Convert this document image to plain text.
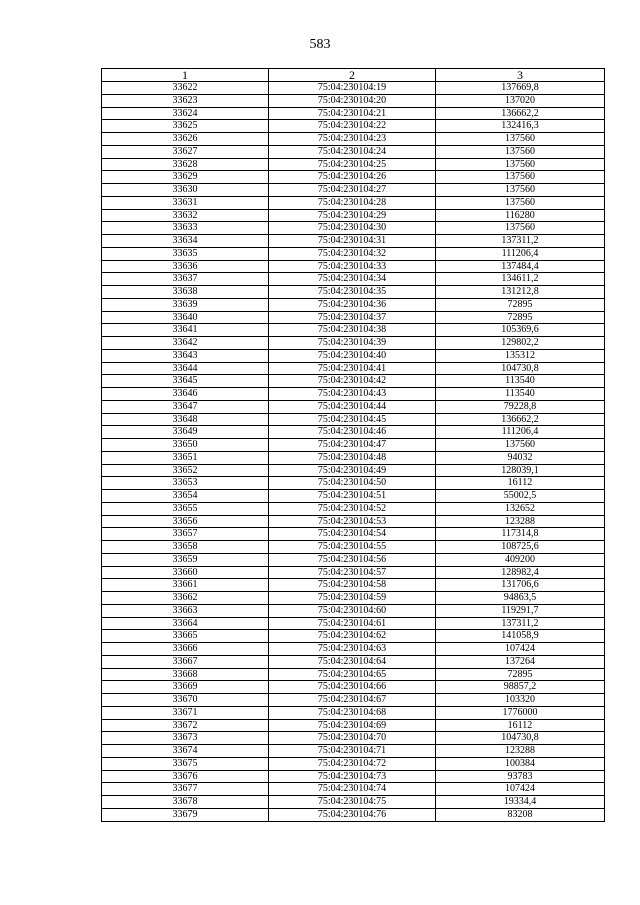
583
1	2	3
33622	75:04:230104:19	137669,8
33623	75:04:230104:20	137020
33624	75:04:230104:21	136662,2
33625	75:04:230104:22	132416,3
33626	75:04:230104:23	137560
33627	75:04:230104:24	137560
33628	75:04:230104:25	137560
33629	75:04:230104:26	137560
33630	75:04:230104:27	137560
33631	75:04:230104:28	137560
33632	75:04:230104:29	116280
33633	75:04:230104:30	137560
33634	75:04:230104:31	137311,2
33635	75:04:230104:32	111206,4
33636	75:04:230104:33	137484,4
33637	75:04:230104:34	134611,2
33638	75:04:230104:35	131212,8
33639	75:04:230104:36	72895
33640	75:04:230104:37	72895
33641	75:04:230104:38	105369,6
33642	75:04:230104:39	129802,2
33643	75:04:230104:40	135312
33644	75:04:230104:41	104730,8
33645	75:04:230104:42	113540
33646	75:04:230104:43	113540
33647	75:04:230104:44	79228,8
33648	75:04:230104:45	136662,2
33649	75:04:230104:46	111206,4
33650	75:04:230104:47	137560
33651	75:04:230104:48	94032
33652	75:04:230104:49	128039,1
33653	75:04:230104:50	16112
33654	75:04:230104:51	55002,5
33655	75:04:230104:52	132652
33656	75:04:230104:53	123288
33657	75:04:230104:54	117314,8
33658	75:04:230104:55	108725,6
33659	75:04:230104:56	409200
33660	75:04:230104:57	128982,4
33661	75:04:230104:58	131706,6
33662	75:04:230104:59	94863,5
33663	75:04:230104:60	119291,7
33664	75:04:230104:61	137311,2
33665	75:04:230104:62	141058,9
33666	75:04:230104:63	107424
33667	75:04:230104:64	137264
33668	75:04:230104:65	72895
33669	75:04:230104:66	98857,2
33670	75:04:230104:67	103320
33671	75:04:230104:68	1776000
33672	75:04:230104:69	16112
33673	75:04:230104:70	104730,8
33674	75:04:230104:71	123288
33675	75:04:230104:72	100384
33676	75:04:230104:73	93783
33677	75:04:230104:74	107424
33678	75:04:230104:75	19334,4
33679	75:04:230104:76	83208
